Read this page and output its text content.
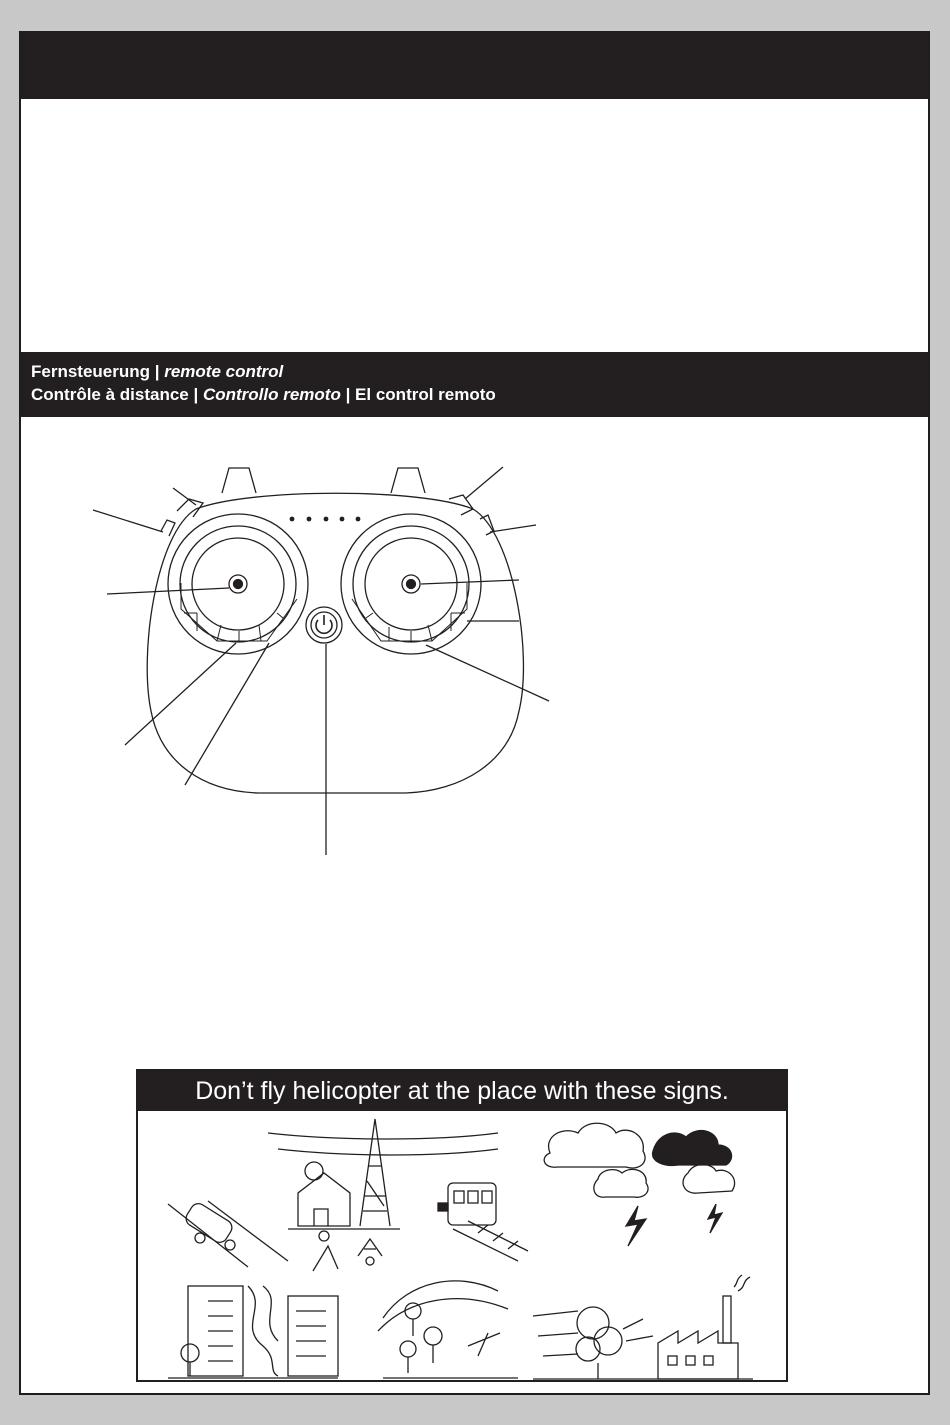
Fernsteuerung | remote control
Contrôle à distance | Controllo remoto | El control remoto
Don’t fly helicopter at the place with these signs.
